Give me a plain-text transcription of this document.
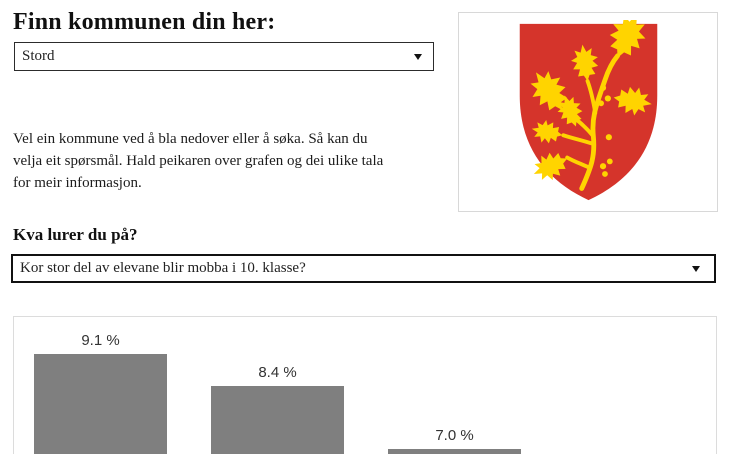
Finn kommunen din her:
Stord

Vel ein kommune ved å bla nedover eller å søka. Så kan du
velja eit spørsmål. Hald peikaren over grafen og dei ulike tala
for meir informasjon.

Kva lurer du på?
Kor stor del av elevane blir mobba i 10. klasse?
9.1 %
8.4 %
7.0 %
